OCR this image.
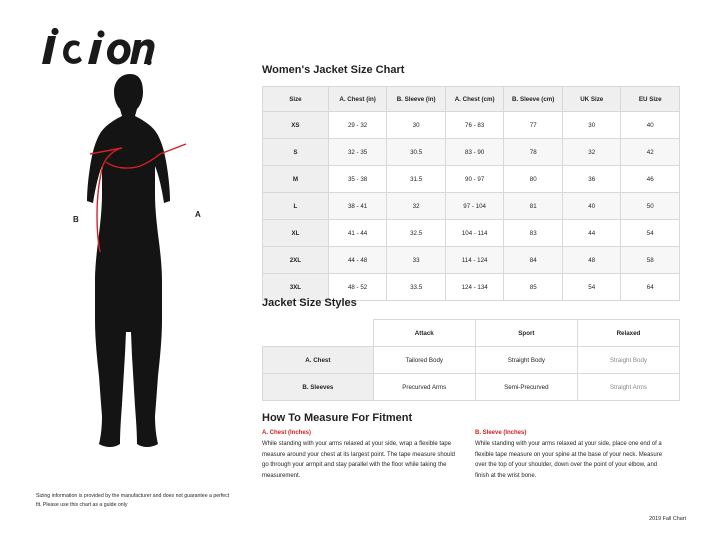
A
B
Sizing information is provided by the manufacturer and does not guarantee a perfect fit. Please use this chart as a guide only
Women's Jacket Size Chart
Size	A. Chest (in)	B. Sleeve (in)	A. Chest (cm)	B. Sleeve (cm)	UK Size	EU Size
XS	29 - 32	30	76 - 83	77	30	40
S	32 - 35	30.5	83 - 90	78	32	42
M	35 - 38	31.5	90 - 97	80	36	46
L	38 - 41	32	97 - 104	81	40	50
XL	41 - 44	32.5	104 - 114	83	44	54
2XL	44 - 48	33	114 - 124	84	48	58
3XL	48 - 52	33.5	124 - 134	85	54	64
Jacket Size Styles
	Attack	Sport	Relaxed
A. Chest	Tailored Body	Straight Body	Straight Body
B. Sleeves	Precurved Arms	Semi-Precurved	Straight Arms
How To Measure For Fitment
A. Chest (Inches)
While standing with your arms relaxed at your side, wrap a flexible tape measure around your chest at its largest point. The tape measure should go through your armpit and stay parallel with the floor while taking the measurement.
B. Sleeve (Inches)
While standing with your arms relaxed at your side, place one end of a flexible tape measure on your spine at the base of your neck. Measure over the top of your shoulder, down over the point of your elbow, and finish at the wrist bone.
2019 Fall Chart
